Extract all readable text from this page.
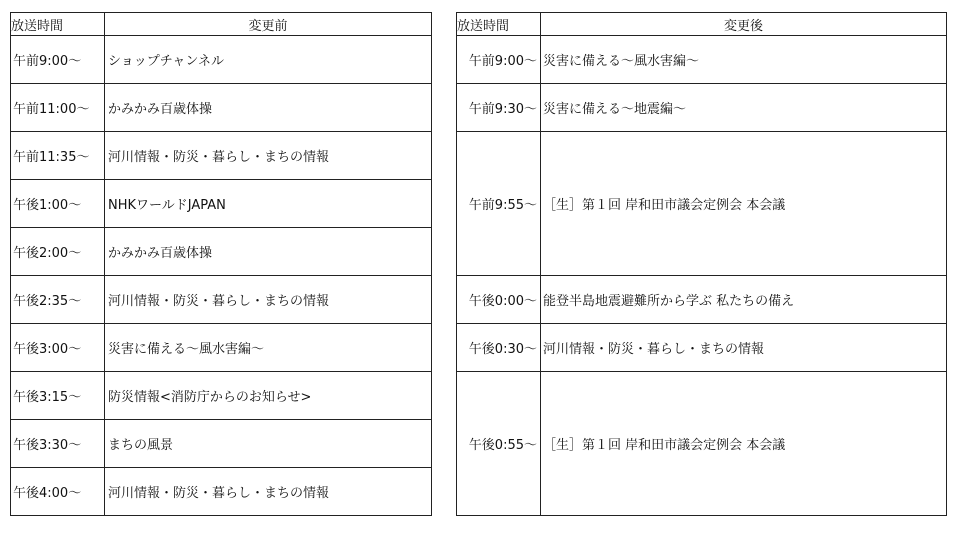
放送時間	変更前
午前9:00～	ショップチャンネル
午前11:00～	かみかみ百歳体操
午前11:35～	河川情報・防災・暮らし・まちの情報
午後1:00～	NHKワールドJAPAN
午後2:00～	かみかみ百歳体操
午後2:35～	河川情報・防災・暮らし・まちの情報
午後3:00～	災害に備える～風水害編～
午後3:15～	防災情報<消防庁からのお知らせ>
午後3:30～	まちの風景
午後4:00～	河川情報・防災・暮らし・まちの情報
放送時間	変更後
午前9:00～	災害に備える～風水害編～
午前9:30～	災害に備える～地震編～
午前9:55～	［生］第１回 岸和田市議会定例会 本会議
午後0:00～	能登半島地震避難所から学ぶ 私たちの備え
午後0:30～	河川情報・防災・暮らし・まちの情報
午後0:55～	［生］第１回 岸和田市議会定例会 本会議
